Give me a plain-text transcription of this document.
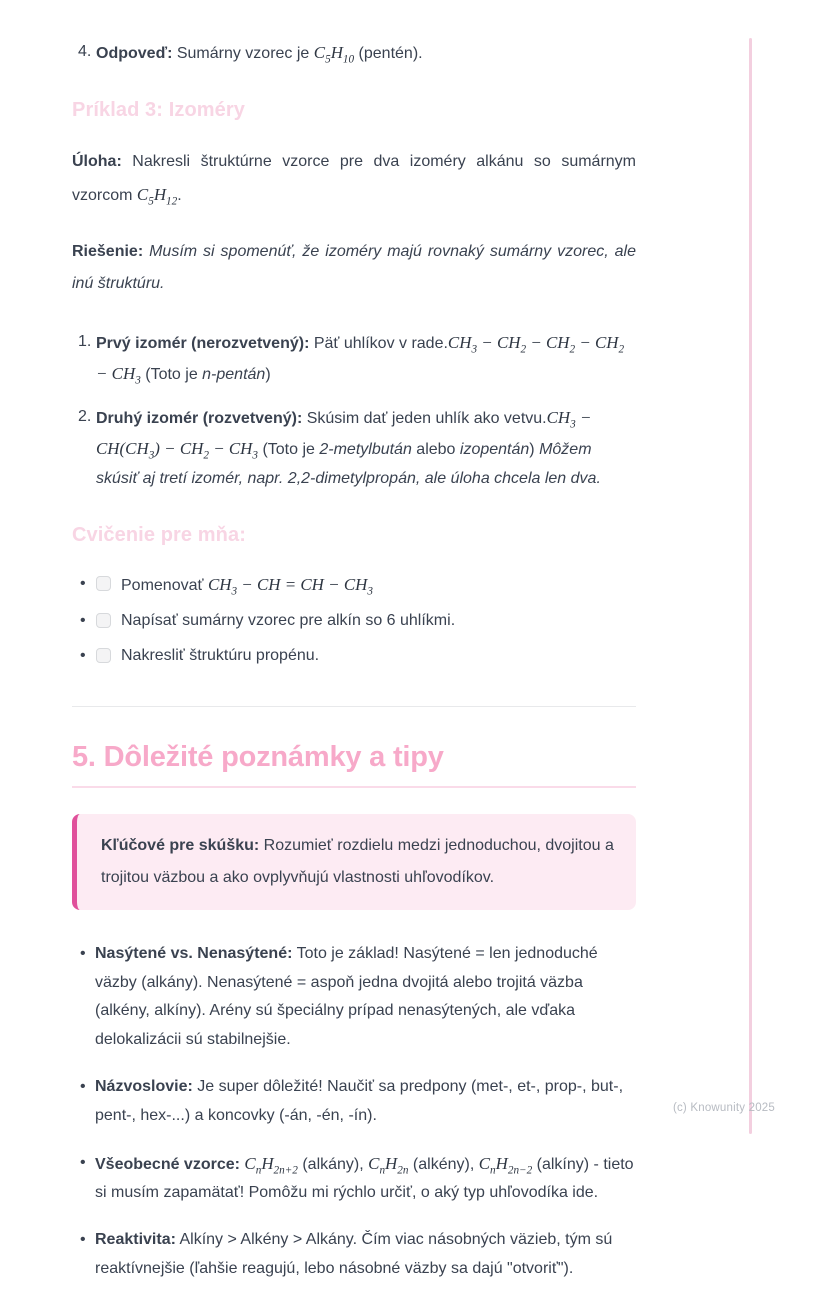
4. Odpoveď: Sumárny vzorec je $C_5H_{10}$ (pentén).
Príklad 3: Izoméry

Úloha: Nakresli štruktúrne vzorce pre dva izoméry alkánu so sumárnym vzorcom $C_5H_{12}$.

Riešenie: Musím si spomenúť, že izoméry majú rovnaký sumárny vzorec, ale inú štruktúru.

1. Prvý izomér (nerozvetvený): Päť uhlíkov v $rade.CH_3 - CH_2 - CH_2 - CH_2 - CH_3$ (Toto je n-pentán)
2. Druhý izomér (rozvetvený): Skúsim dať jeden uhlík ako $vetvu.CH_3 - CH(CH_3) - CH_2 - CH_3$ (Toto je 2-metylbután alebo izopentán) Môžem skúsiť aj tretí izomér, napr. 2,2-dimetylpropán, ale úloha chcela len dva.
Cvičenie pre mňa:
•	Pomenovať $CH_3$ − CH = CH − $CH_3$
•	Napísať sumárny vzorec pre alkín so 6 uhlíkmi.
•	Nakresliť štruktúru propénu.
5. Dôležité poznámky a tipy
Kľúčové pre skúšku: Rozumieť rozdielu medzi jednoduchou, dvojitou a trojitou väzbou a ako ovplyvňujú vlastnosti uhľovodíkov.
• Nasýtené vs. Nenasýtené: Toto je základ! Nasýtené = len jednoduché väzby (alkány). Nenasýtené = aspoň jedna dvojitá alebo trojitá väzba (alkény, alkíny). Arény sú špeciálny prípad nenasýtených, ale vďaka delokalizácii sú stabilnejšie.
• Názvoslovie: Je super dôležité! Naučiť sa predpony (met-, et-, prop-, but-, pent-, hex-...) a koncovky (-án, -én, -ín).
• Všeobecné vzorce: $C_nH_{2n+2}$ (alkány), $C_nH_{2n}$ (alkény), $C_nH_{2n-2}$ (alkíny) - tieto si musím zapamätať! Pomôžu mi rýchlo určiť, o aký typ uhľovodíka ide.
• Reaktivita: Alkíny > Alkény > Alkány. Čím viac násobných väzieb, tým sú reaktívnejšie (ľahšie reagujú, lebo násobné väzby sa dajú "otvoriť").
(c) Knowunity 2025
